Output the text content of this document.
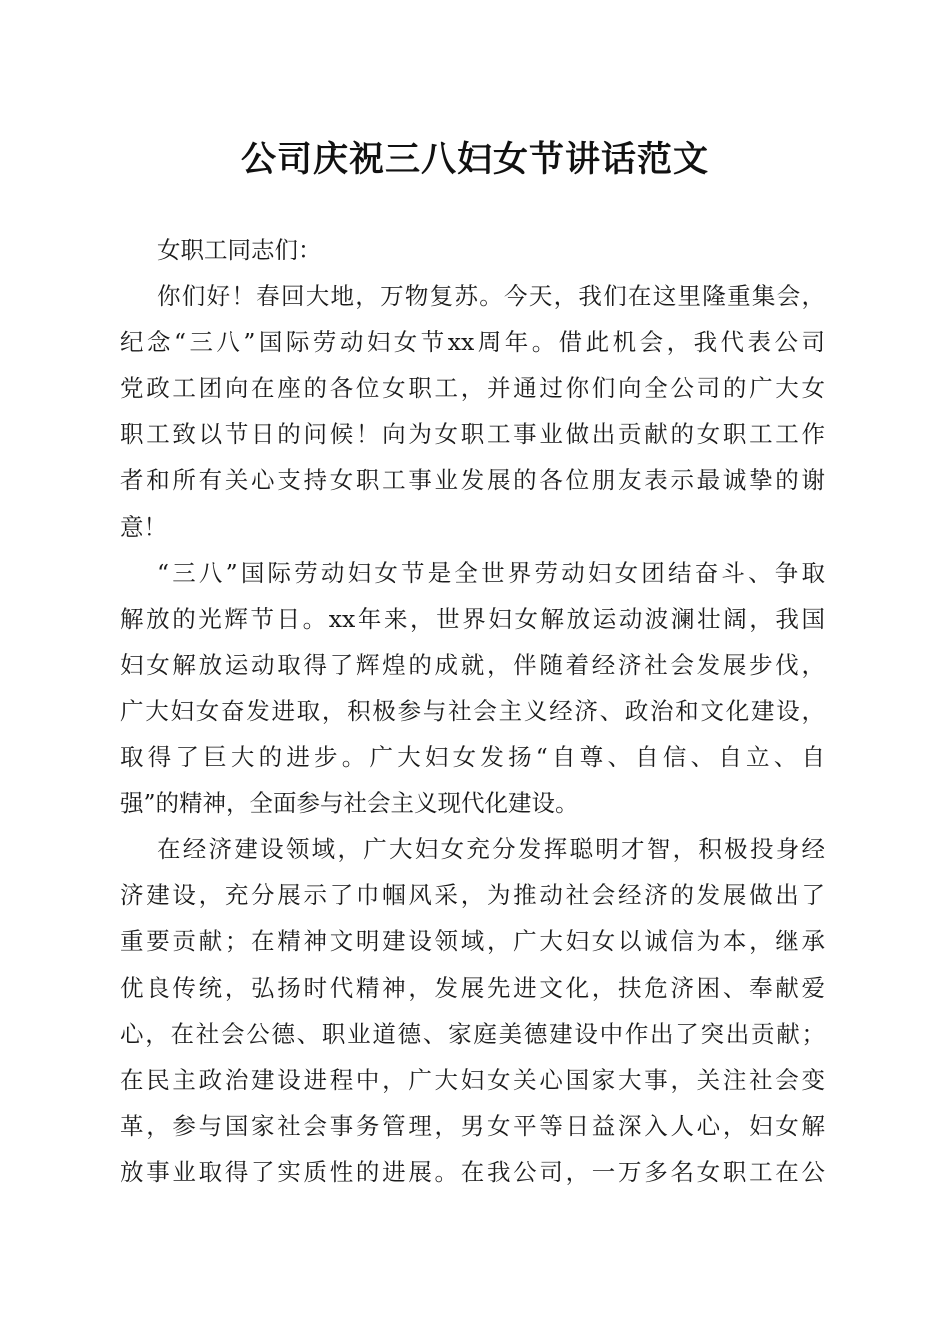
公司庆祝三八妇女节讲话范文
女职工同志们：
你们好！春回大地，万物复苏。今天，我们在这里隆重集会，
纪念“三八”国际劳动妇女节xx周年。借此机会，我代表公司
党政工团向在座的各位女职工，并通过你们向全公司的广大女
职工致以节日的问候！向为女职工事业做出贡献的女职工工作
者和所有关心支持女职工事业发展的各位朋友表示最诚挚的谢
意！
“三八”国际劳动妇女节是全世界劳动妇女团结奋斗、争取
解放的光辉节日。xx年来，世界妇女解放运动波澜壮阔，我国
妇女解放运动取得了辉煌的成就，伴随着经济社会发展步伐，
广大妇女奋发进取，积极参与社会主义经济、政治和文化建设，
取得了巨大的进步。广大妇女发扬“自尊、自信、自立、自
强”的精神，全面参与社会主义现代化建设。
在经济建设领域，广大妇女充分发挥聪明才智，积极投身经
济建设，充分展示了巾帼风采，为推动社会经济的发展做出了
重要贡献；在精神文明建设领域，广大妇女以诚信为本，继承
优良传统，弘扬时代精神，发展先进文化，扶危济困、奉献爱
心，在社会公德、职业道德、家庭美德建设中作出了突出贡献；
在民主政治建设进程中，广大妇女关心国家大事，关注社会变
革，参与国家社会事务管理，男女平等日益深入人心，妇女解
放事业取得了实质性的进展。在我公司，一万多名女职工在公
